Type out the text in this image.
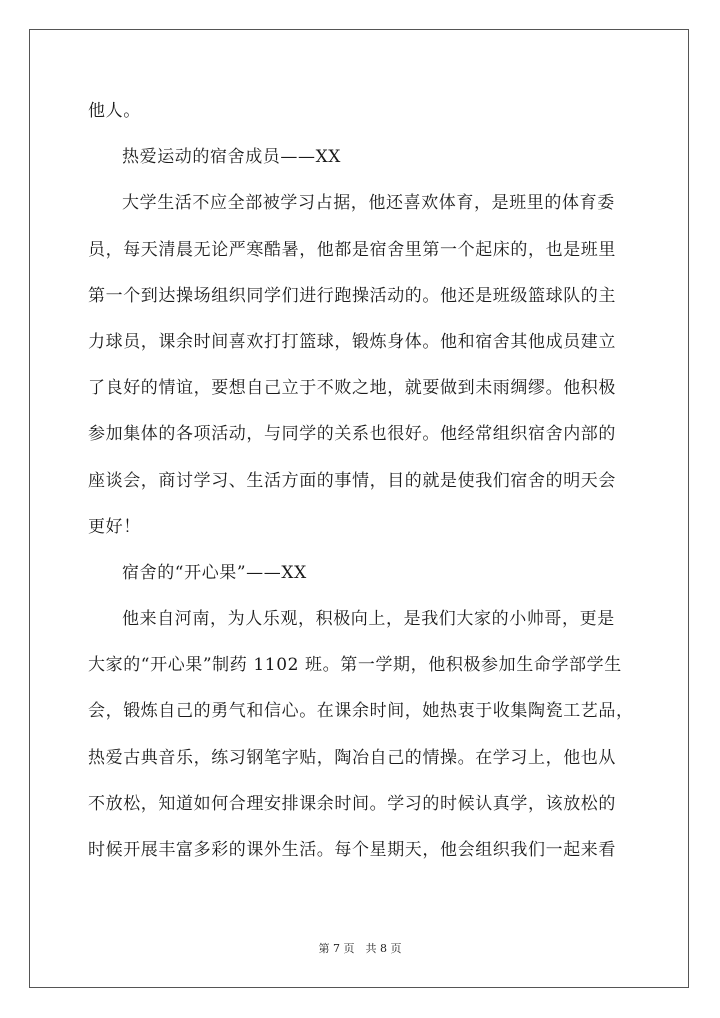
他人。
热爱运动的宿舍成员——XX
大学生活不应全部被学习占据，他还喜欢体育，是班里的体育委
员，每天清晨无论严寒酷暑，他都是宿舍里第一个起床的，也是班里
第一个到达操场组织同学们进行跑操活动的。他还是班级篮球队的主
力球员，课余时间喜欢打打篮球，锻炼身体。他和宿舍其他成员建立
了良好的情谊，要想自己立于不败之地，就要做到未雨绸缪。他积极
参加集体的各项活动，与同学的关系也很好。他经常组织宿舍内部的
座谈会，商讨学习、生活方面的事情，目的就是使我们宿舍的明天会
更好！
宿舍的“开心果”——XX
他来自河南，为人乐观，积极向上，是我们大家的小帅哥，更是
大家的“开心果”制药 1102 班。第一学期，他积极参加生命学部学生
会，锻炼自己的勇气和信心。在课余时间，她热衷于收集陶瓷工艺品，
热爱古典音乐，练习钢笔字贴，陶冶自己的情操。在学习上，他也从
不放松，知道如何合理安排课余时间。学习的时候认真学，该放松的
时候开展丰富多彩的课外生活。每个星期天，他会组织我们一起来看
第 7 页　共 8 页
